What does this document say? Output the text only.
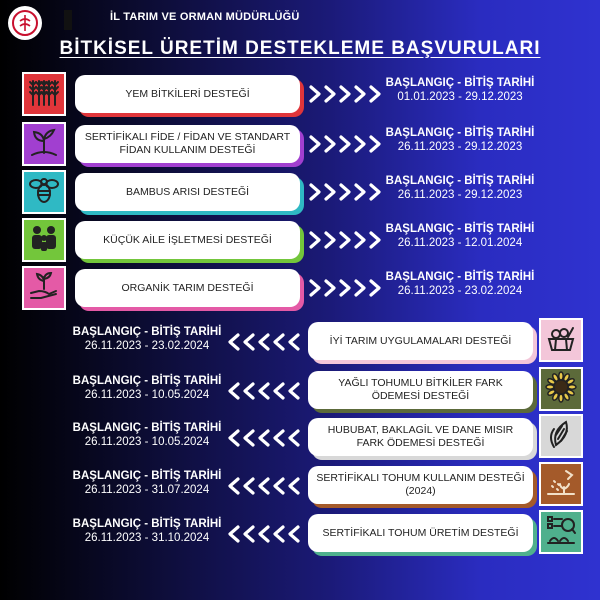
İL TARIM VE ORMAN MÜDÜRLÜĞÜ
BİTKİSEL ÜRETİM DESTEKLEME BAŞVURULARI
YEM BİTKİLERİ DESTEĞİ
BAŞLANGIÇ - BİTİŞ TARİHİ
01.01.2023 - 29.12.2023
SERTİFİKALI FİDE / FİDAN VE STANDART FİDAN KULLANIM DESTEĞİ
BAŞLANGIÇ - BİTİŞ TARİHİ
26.11.2023 - 29.12.2023
BAMBUS ARISI DESTEĞİ
BAŞLANGIÇ - BİTİŞ TARİHİ
26.11.2023 - 29.12.2023
KÜÇÜK AİLE İŞLETMESİ DESTEĞİ
BAŞLANGIÇ - BİTİŞ TARİHİ
26.11.2023 - 12.01.2024
ORGANİK TARIM DESTEĞİ
BAŞLANGIÇ - BİTİŞ TARİHİ
26.11.2023 - 23.02.2024
BAŞLANGIÇ - BİTİŞ TARİHİ
26.11.2023 - 23.02.2024	İYİ TARIM UYGULAMALARI DESTEĞİ
BAŞLANGIÇ - BİTİŞ TARİHİ
26.11.2023 - 10.05.2024
YAĞLI TOHUMLU BİTKİLER FARK ÖDEMESİ DESTEĞİ
BAŞLANGIÇ - BİTİŞ TARİHİ
26.11.2023 - 10.05.2024
HUBUBAT, BAKLAGİL VE DANE MISIR FARK ÖDEMESİ DESTEĞİ
BAŞLANGIÇ - BİTİŞ TARİHİ
26.11.2023 - 31.07.2024
SERTİFİKALI TOHUM KULLANIM DESTEĞİ (2024)
BAŞLANGIÇ - BİTİŞ TARİHİ
26.11.2023 - 31.10.2024	SERTİFİKALI TOHUM ÜRETİM DESTEĞİ
